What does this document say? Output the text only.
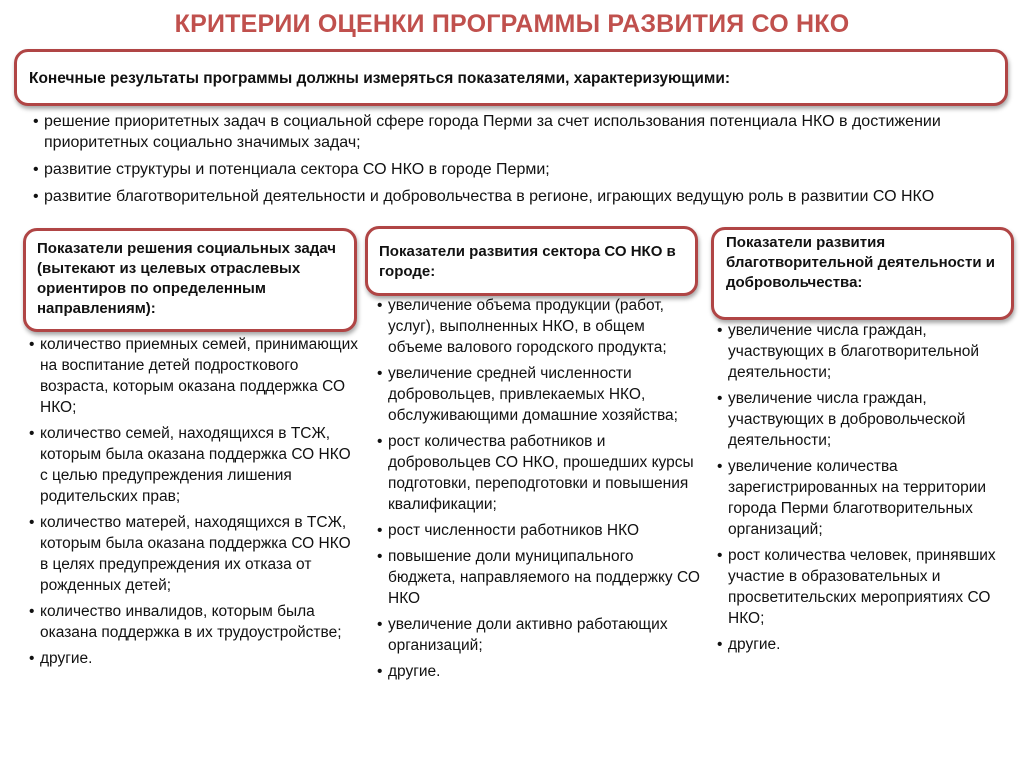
КРИТЕРИИ ОЦЕНКИ ПРОГРАММЫ РАЗВИТИЯ СО НКО
Конечные результаты программы должны измеряться показателями, характеризующими:
• решение приоритетных задач в социальной сфере города Перми за счет использования потенциала НКО в достижении приоритетных социально значимых задач;
• развитие структуры и потенциала сектора СО НКО в городе Перми;
• развитие благотворительной деятельности и добровольчества в регионе, играющих ведущую роль в развитии СО НКО
Показатели решения социальных задач (вытекают из целевых отраслевых ориентиров по определенным направлениям):
Показатели развития сектора СО НКО в городе:
Показатели развития благотворительной деятельности и добровольчества:
• количество приемных семей, принимающих на воспитание детей подросткового возраста, которым оказана поддержка СО НКО;
• количество семей, находящихся в ТСЖ, которым была оказана поддержка СО НКО с целью предупреждения лишения родительских прав;
• количество матерей, находящихся в ТСЖ, которым была оказана поддержка СО НКО в целях предупреждения их отказа от рожденных детей;
• количество инвалидов, которым была оказана поддержка в их трудоустройстве;
• другие.
• увеличение объема продукции (работ, услуг), выполненных НКО, в общем объеме валового городского продукта;
• увеличение средней численности добровольцев, привлекаемых НКО, обслуживающими домашние хозяйства;
• рост количества работников и добровольцев СО НКО, прошедших курсы подготовки, переподготовки и повышения квалификации;
• рост численности работников НКО
• повышение доли муниципального бюджета, направляемого на поддержку СО НКО
• увеличение доли активно работающих организаций;
• другие.
• увеличение числа граждан, участвующих в благотворительной деятельности;
• увеличение числа граждан, участвующих в добровольческой деятельности;
• увеличение количества зарегистрированных на территории города Перми благотворительных организаций;
• рост количества человек, принявших участие в образовательных и просветительских мероприятиях СО НКО;
• другие.
